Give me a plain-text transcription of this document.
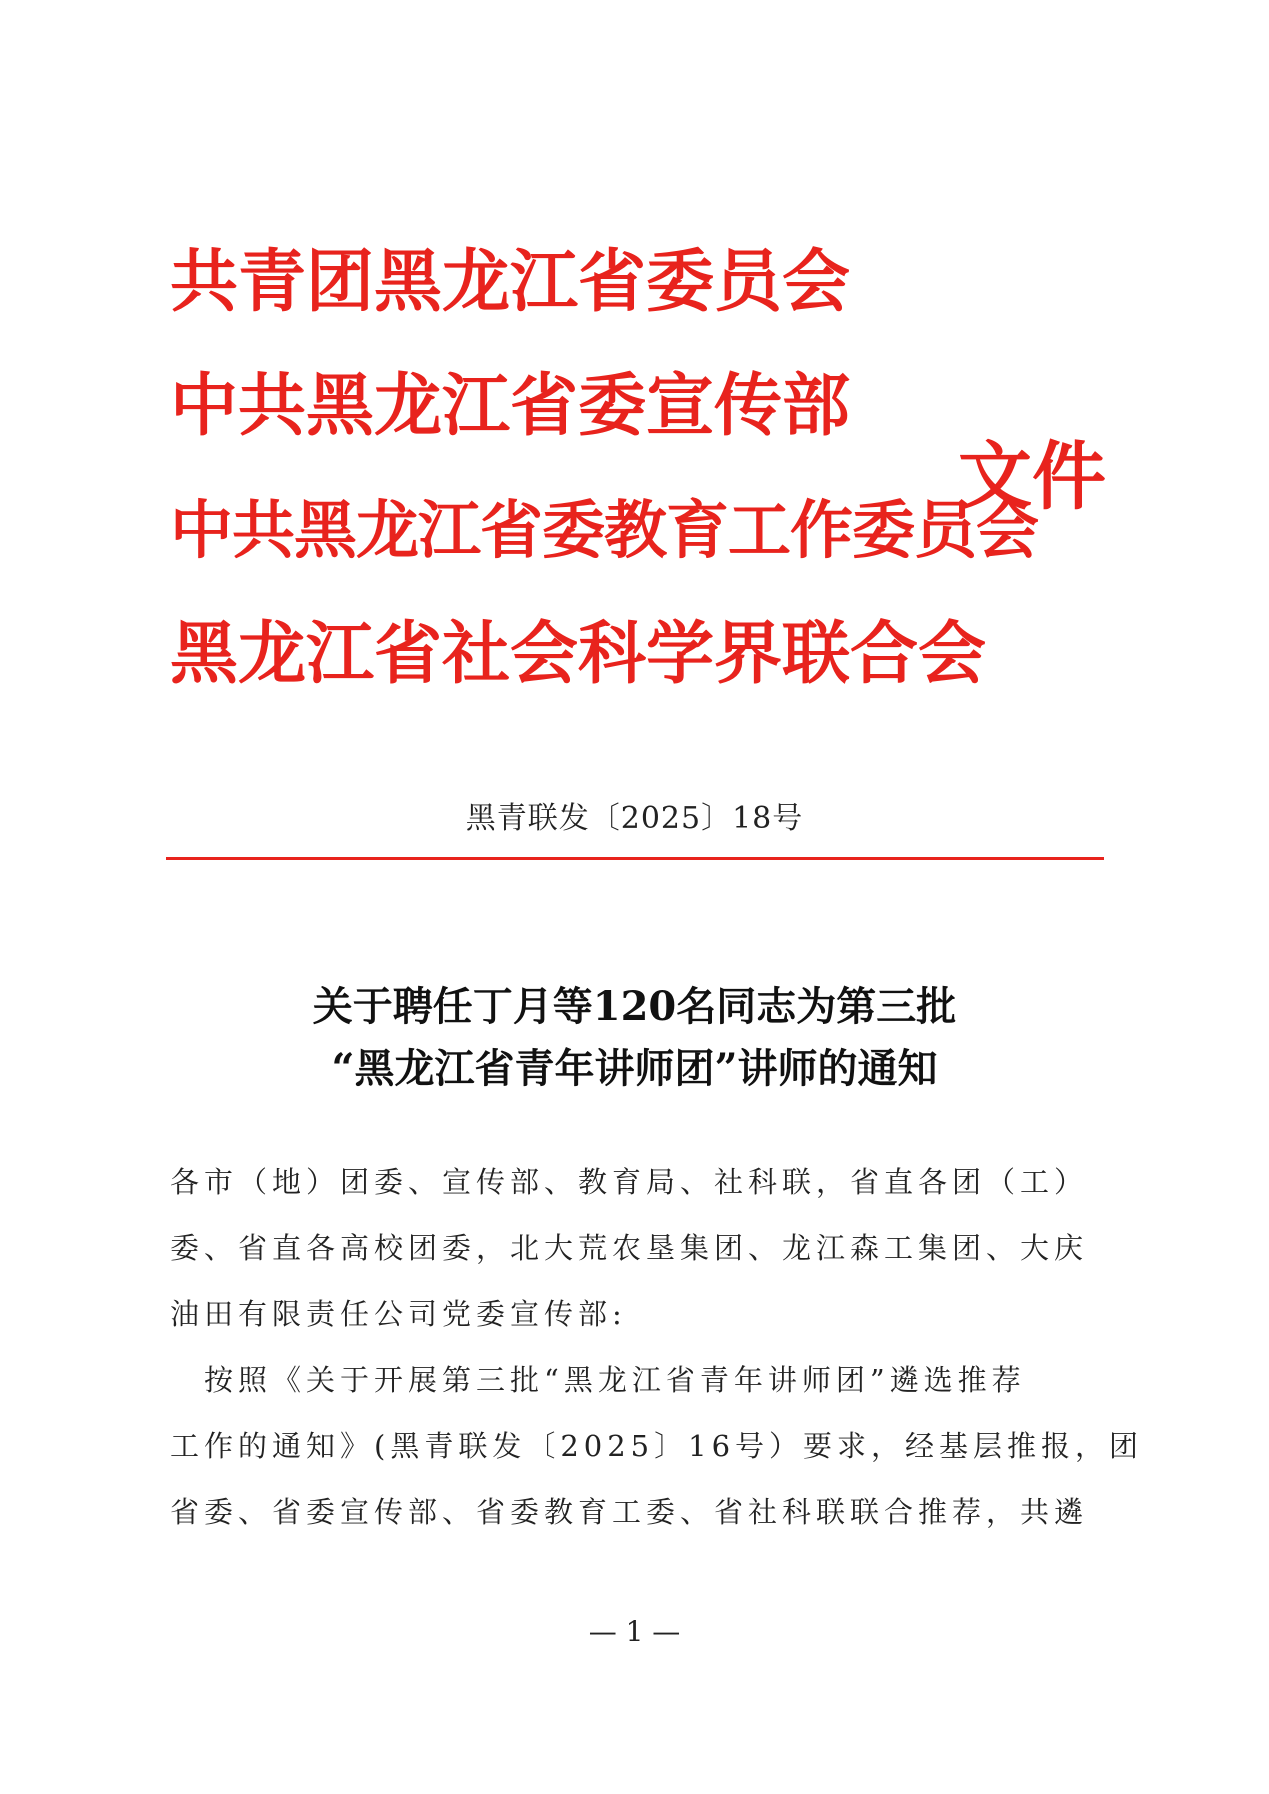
共青团黑龙江省委员会
中共黑龙江省委宣传部
中共黑龙江省委教育工作委员会
黑龙江省社会科学界联合会
文件
黑青联发〔2025〕18号
关于聘任丁月等120名同志为第三批
“黑龙江省青年讲师团”讲师的通知
各市（地）团委、宣传部、教育局、社科联，省直各团（工）
委、省直各高校团委，北大荒农垦集团、龙江森工集团、大庆
油田有限责任公司党委宣传部:
　按照《关于开展第三批“黑龙江省青年讲师团”遴选推荐
工作的通知》(黑青联发〔2025〕16号）要求，经基层推报，团
省委、省委宣传部、省委教育工委、省社科联联合推荐，共遴
— 1 —
